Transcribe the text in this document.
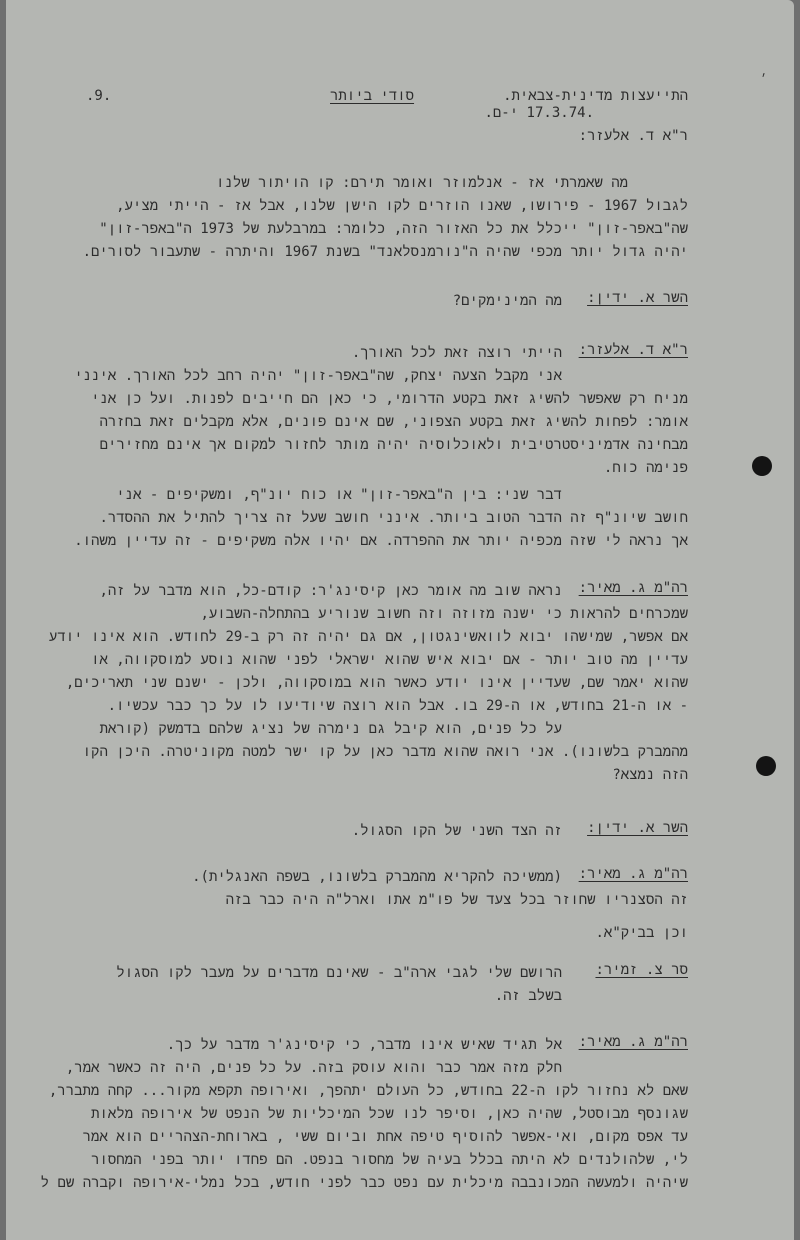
׳
.9.	סודי ביותר	התייעצות מדינית-צבאית.
.17.3.74 י-ם.
ר"א ד. אלעזר:
מה שאמרתי אז - אנלמוזר ואומר תירם: קו הויתור שלנו
לגבול 1967 - פירושו, שאנו הוזרים לקו הישן שלנו, אבל אז - הייתי מציע,
שה"באפר-זון" ייכלל את כל האזור הזה, כלומר: במרבלעת של 1973 ה"באפר-זון"
יהיה גדול יותר מכפי שהיה ה"נורמנסלאנד" בשנת 1967 והיתרה - שתעבור לסורים.
השר א. ידין:
מה המינימקים?
ר"א ד. אלעזר:
הייתי רוצה זאת לכל האורך.
אני מקבל הצעה יצחק, שה"באפר-זון" יהיה רחב לכל האורך. אינני
מניח רק שאפשר להשיג זאת בקטע הדרומי, כי כאן הם חייבים לפנות. ועל כן אני
אומר: לפחות להשיג זאת בקטע הצפוני, שם אינם פונים, אלא מקבלים זאת בחזרה
מבחינה אדמיניסטרטיבית ולאוכלוסיה יהיה מותר לחזור למקום אך אינם מחזירים
פנימה כוח.
דבר שני: בין ה"באפר-זון" או כוח יונ"ף, ומשקיפים - אני
חושב שיונ"ף זה הדבר הטוב ביותר. אינני חושב שעל זה צריך להתיל את ההסדר.
אך נראה לי שזה מכפיה יותר את ההפרדה. אם יהיו אלה משקיפים - זה עדיין משהו.
רה"מ ג. מאיר:
נראה שוב מה אומר כאן קיסינג'ר: קודם-כל, הוא מדבר על זה,
שמכרחים להראות כי ישנה מזוזה וזה חשוב שנוריע בהתחלה-השבוע,
אם אפשר, שמישהו יבוא לוואשינגטון, אם גם יהיה זה רק ב-29 לחודש. הוא אינו יודע
עדיין מה טוב יותר - אם יבוא איש שהוא ישראלי לפני שהוא נוסע למוסקווה, או
שהוא יאמר שם, שעדיין אינו יודע כאשר הוא במוסקווה, ולכן - ישנם שני תאריכים,
- או ה-21 בחודש, או ה-29 בו. אבל הוא רוצה שיודיעו לו על כך כבר עכשיו.
על כל פנים, הוא קיבל גם נימרה של נציג שלהם בדמשק (קוראת
מהמברק בלשונו). אני רואה שהוא מדבר כאן על קו ישר למטה מקוניטרה. היכן הקו
הזה נמצא?
השר א. ידין:
זה הצד השני של הקו הסגול.
רה"מ ג. מאיר:
(ממשיכה להקריא מהמברק בלשונו, בשפה האנגלית).
זה הסצנריו שחוזר בכל צעד של פו"מ אתו וארל"ה היה כבר בזה
וכן בביק"א.
סר צ. זמיר:
הרושם שלי לגבי ארה"ב - שאינם מדברים על מעבר לקו הסגול
בשלב זה.
רה"מ ג. מאיר:
אל תגיד שאיש אינו מדבר, כי קיסינג'ר מדבר על כך.
חלק מזה אמר כבר והוא עוסק בזה. על כל פנים, היה זה כאשר אמר,
שאם לא נחזור לקו ה-22 בחודש, כל העולם יתהפך, ואירופה תקפא מקור... קחה מתברר,
שגונסף מבוסטל, שהיה כאן, וסיפר לנו שכל המיכליות של הנפט של אירופה מלאות
עד אפס מקום, ואי-אפשר להוסיף טיפה אחת וביום ששי , בארוחת-הצהריים הוא אמר
לי, שלהולנדים לא היתה בכלל בעיה של מחסור בנפט. הם פחדו יותר בפני המחסור
שיהיה ולמעשה המכונבבה מיכלית עם נפט כבר לפני חודש, בכל נמלי-אירופה וקברה שם ל
